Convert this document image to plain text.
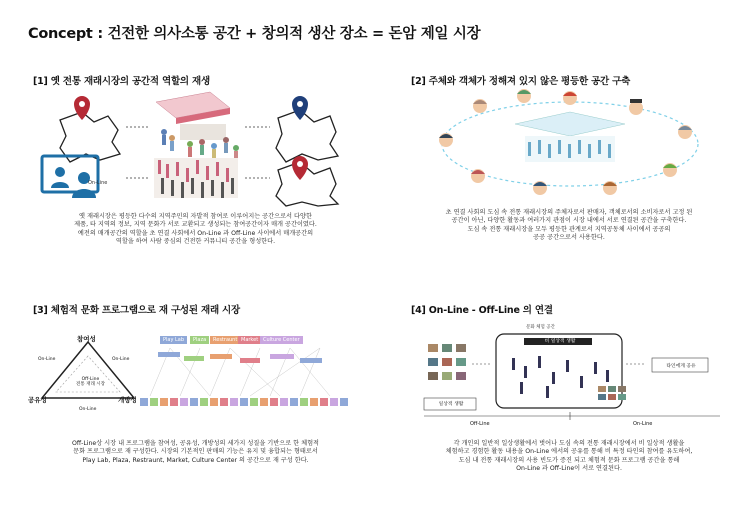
Concept : 건전한 의사소통 공간 + 창의적 생산 장소 = 돈암 제일 시장
[1] 옛 전통 재래시장의 공간적 역할의 재생
On-Line
옛 재래시장은 평등한 다수의 지역주민의 자발적 참여로 이루어지는 공간으로서 다양한
제품, 타 지역의 정보, 지역 문화가 서로 교환되고 생성되는 참여공간이자 매개 공간이였다.
예전의 매개공간의 역할을 초 연결 사회에서 On-Line 과 Off-Line 사이에서 매개공간의
역할을 하여 사람 중심의 건전한 커뮤니티 공간을 형성한다.
[2] 주체와 객체가 정해져 있지 않은 평등한 공간 구축
초 연결 사회의 도심 속 전통 재래시장의 주체자로서 판매자, 객체로서의 소비자로서 고정 된
공간이 아닌, 다양한 활동과 여러가지 관점이 시장 내에서 서로 연결된 공간을 구축한다.
도심 속 전통 재래시장을 모두 평등한 관계로서 지역공동체 사이에서 공공의
공공 공간으로서 사용한다.
[3] 체험적 문화 프로그램으로 재 구성된 재래 시장
참여성
공유성	개방성
Off-Line
전통 재래 시장
On-Line	On-Line
On-Line
Play Lab	Plaza	Restraunt Market Culture Center
Off-Line상 시장 내 프로그램을 참여성, 공유성, 개방성의 세가지 성질을 기반으로 한 체험적
문화 프로그램으로 재 구성한다. 시장의 기본적인 판매의 기능은 유지 및 융합되는 형태로서
Play Lab, Plaza, Restraunt, Market, Culture Center 의 공간으로 재 구성 한다.
[4] On-Line - Off-Line 의 연결
문화 체험 공간
비 일상적 생활
일상적 생활
타인에게 공유
Off-Line	On-Line
각 개인의 일반적 일상생활에서 벗어나 도심 속의 전통 재래시장에서 비 일상적 생활을
체험하고 경험한 활동 내용을 On-Line 에서의 공유를 통해 비 특정 타인의 참여를 유도하여,
도심 내 전통 재래시장의 사용 빈도가 증진 되고 체험적 문화 프로그램 공간을 통해
On-Line 과 Off-Line이 서로 연결된다.
